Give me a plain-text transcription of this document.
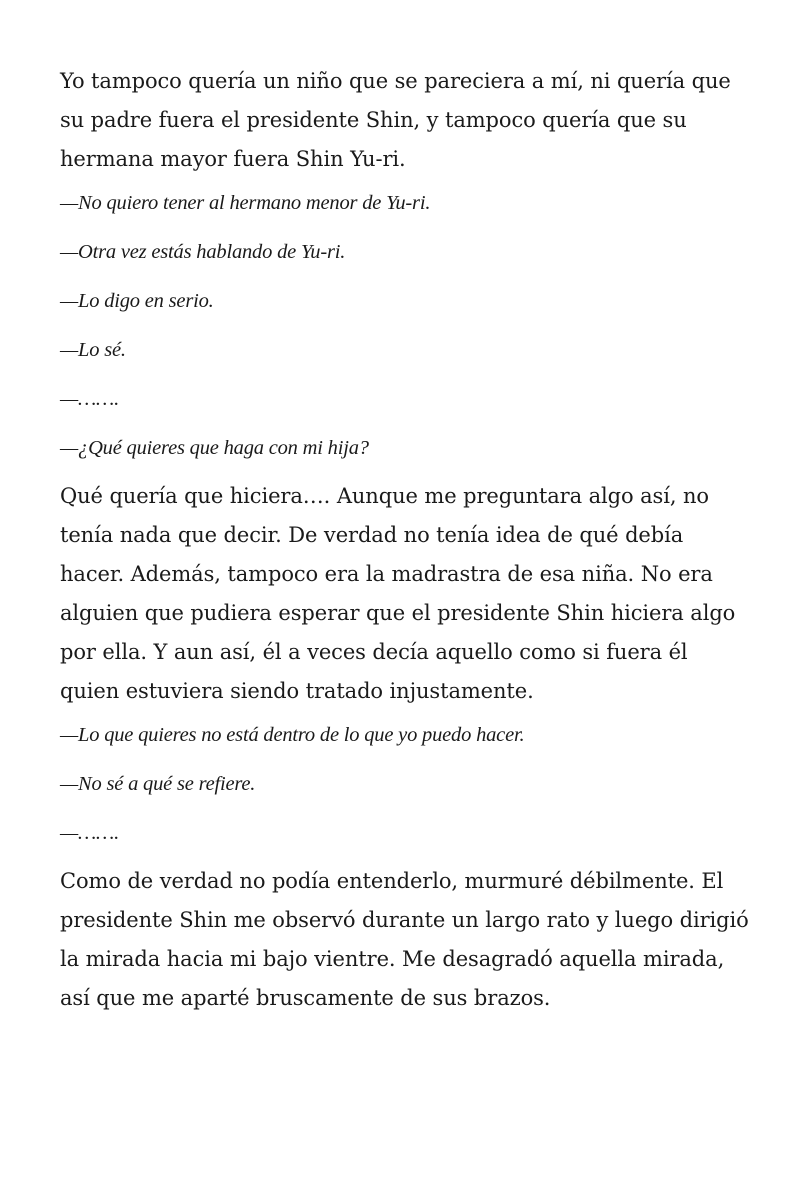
Yo tampoco quería un niño que se pareciera a mí, ni quería que su padre fuera el presidente Shin, y tampoco quería que su hermana mayor fuera Shin Yu-ri.

—No quiero tener al hermano menor de Yu-ri.

—Otra vez estás hablando de Yu-ri.

—Lo digo en serio.

—Lo sé.

—…….

—¿Qué quieres que haga con mi hija?

Qué quería que hiciera…. Aunque me preguntara algo así, no tenía nada que decir. De verdad no tenía idea de qué debía hacer. Además, tampoco era la madrastra de esa niña. No era alguien que pudiera esperar que el presidente Shin hiciera algo por ella. Y aun así, él a veces decía aquello como si fuera él quien estuviera siendo tratado injustamente.

—Lo que quieres no está dentro de lo que yo puedo hacer.

—No sé a qué se refiere.

—…….

Como de verdad no podía entenderlo, murmuré débilmente. El presidente Shin me observó durante un largo rato y luego dirigió la mirada hacia mi bajo vientre. Me desagradó aquella mirada, así que me aparté bruscamente de sus brazos.
